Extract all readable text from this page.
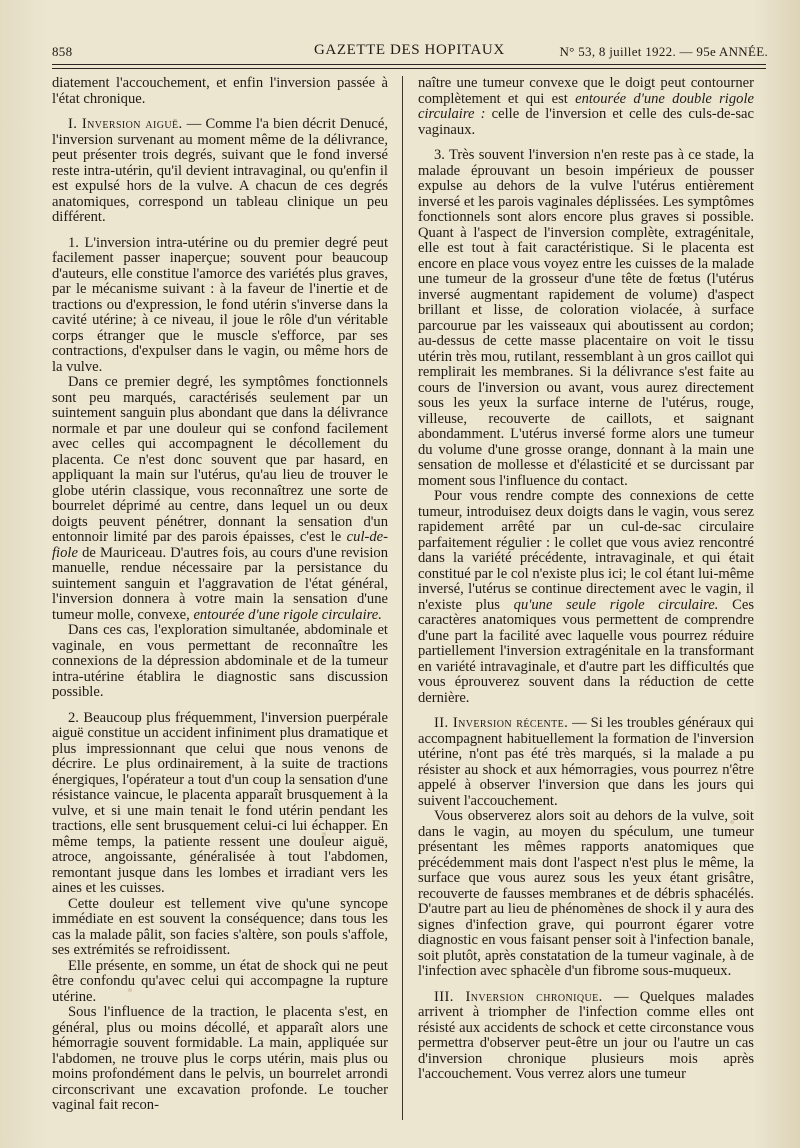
858	GAZETTE DES HOPITAUX	N° 53, 8 juillet 1922. — 95e ANNÉE.

diatement l'accouchement, et enfin l'inversion passée à l'état chronique.

I. Inversion aiguë. — Comme l'a bien décrit Denucé, l'inversion survenant au moment même de la délivrance, peut présenter trois degrés, suivant que le fond inversé reste intra-utérin, qu'il devient intravaginal, ou qu'enfin il est expulsé hors de la vulve. A chacun de ces degrés anatomiques, correspond un tableau clinique un peu différent.

1. L'inversion intra-utérine ou du premier degré peut facilement passer inaperçue; souvent pour beaucoup d'auteurs, elle constitue l'amorce des variétés plus graves, par le mécanisme suivant : à la faveur de l'inertie et de tractions ou d'expression, le fond utérin s'inverse dans la cavité utérine; à ce niveau, il joue le rôle d'un véritable corps étranger que le muscle s'efforce, par ses contractions, d'expulser dans le vagin, ou même hors de la vulve.

Dans ce premier degré, les symptômes fonctionnels sont peu marqués, caractérisés seulement par un suintement sanguin plus abondant que dans la délivrance normale et par une douleur qui se confond facilement avec celles qui accompagnent le décollement du placenta. Ce n'est donc souvent que par hasard, en appliquant la main sur l'utérus, qu'au lieu de trouver le globe utérin classique, vous reconnaîtrez une sorte de bourrelet déprimé au centre, dans lequel un ou deux doigts peuvent pénétrer, donnant la sensation d'un entonnoir limité par des parois épaisses, c'est le cul-de-fiole de Mauriceau. D'autres fois, au cours d'une revision manuelle, rendue nécessaire par la persistance du suintement sanguin et l'aggravation de l'état général, l'inversion donnera à votre main la sensation d'une tumeur molle, convexe, entourée d'une rigole circulaire.

Dans ces cas, l'exploration simultanée, abdominale et vaginale, en vous permettant de reconnaître les connexions de la dépression abdominale et de la tumeur intra-utérine établira le diagnostic sans discussion possible.

2. Beaucoup plus fréquemment, l'inversion puerpérale aiguë constitue un accident infiniment plus dramatique et plus impressionnant que celui que nous venons de décrire. Le plus ordinairement, à la suite de tractions énergiques, l'opérateur a tout d'un coup la sensation d'une résistance vaincue, le placenta apparaît brusquement à la vulve, et si une main tenait le fond utérin pendant les tractions, elle sent brusquement celui-ci lui échapper. En même temps, la patiente ressent une douleur aiguë, atroce, angoissante, généralisée à tout l'abdomen, remontant jusque dans les lombes et irradiant vers les aines et les cuisses.

Cette douleur est tellement vive qu'une syncope immédiate en est souvent la conséquence; dans tous les cas la malade pâlit, son facies s'altère, son pouls s'affole, ses extrémités se refroidissent.

Elle présente, en somme, un état de shock qui ne peut être confondu qu'avec celui qui accompagne la rupture utérine.

Sous l'influence de la traction, le placenta s'est, en général, plus ou moins décollé, et apparaît alors une hémorragie souvent formidable. La main, appliquée sur l'abdomen, ne trouve plus le corps utérin, mais plus ou moins profondément dans le pelvis, un bourrelet arrondi circonscrivant une excavation profonde. Le toucher vaginal fait recon-

naître une tumeur convexe que le doigt peut contourner complètement et qui est entourée d'une double rigole circulaire : celle de l'inversion et celle des culs-de-sac vaginaux.

3. Très souvent l'inversion n'en reste pas à ce stade, la malade éprouvant un besoin impérieux de pousser expulse au dehors de la vulve l'utérus entièrement inversé et les parois vaginales déplissées. Les symptômes fonctionnels sont alors encore plus graves si possible. Quant à l'aspect de l'inversion complète, extragénitale, elle est tout à fait caractéristique. Si le placenta est encore en place vous voyez entre les cuisses de la malade une tumeur de la grosseur d'une tête de fœtus (l'utérus inversé augmentant rapidement de volume) d'aspect brillant et lisse, de coloration violacée, à surface parcourue par les vaisseaux qui aboutissent au cordon; au-dessus de cette masse placentaire on voit le tissu utérin très mou, rutilant, ressemblant à un gros caillot qui remplirait les membranes. Si la délivrance s'est faite au cours de l'inversion ou avant, vous aurez directement sous les yeux la surface interne de l'utérus, rouge, villeuse, recouverte de caillots, et saignant abondamment. L'utérus inversé forme alors une tumeur du volume d'une grosse orange, donnant à la main une sensation de mollesse et d'élasticité et se durcissant par moment sous l'influence du contact.

Pour vous rendre compte des connexions de cette tumeur, introduisez deux doigts dans le vagin, vous serez rapidement arrêté par un cul-de-sac circulaire parfaitement régulier : le collet que vous aviez rencontré dans la variété précédente, intravaginale, et qui était constitué par le col n'existe plus ici; le col étant lui-même inversé, l'utérus se continue directement avec le vagin, il n'existe plus qu'une seule rigole circulaire. Ces caractères anatomiques vous permettent de comprendre d'une part la facilité avec laquelle vous pourrez réduire partiellement l'inversion extragénitale en la transformant en variété intravaginale, et d'autre part les difficultés que vous éprouverez souvent dans la réduction de cette dernière.

II. Inversion récente. — Si les troubles généraux qui accompagnent habituellement la formation de l'inversion utérine, n'ont pas été très marqués, si la malade a pu résister au shock et aux hémorragies, vous pourrez n'être appelé à observer l'inversion que dans les jours qui suivent l'accouchement.

Vous observerez alors soit au dehors de la vulve, soit dans le vagin, au moyen du spéculum, une tumeur présentant les mêmes rapports anatomiques que précédemment mais dont l'aspect n'est plus le même, la surface que vous aurez sous les yeux étant grisâtre, recouverte de fausses membranes et de débris sphacélés. D'autre part au lieu de phénomènes de shock il y aura des signes d'infection grave, qui pourront égarer votre diagnostic en vous faisant penser soit à l'infection banale, soit plutôt, après constatation de la tumeur vaginale, à de l'infection avec sphacèle d'un fibrome sous-muqueux.

III. Inversion chronique. — Quelques malades arrivent à triompher de l'infection comme elles ont résisté aux accidents de schock et cette circonstance vous permettra d'observer peut-être un jour ou l'autre un cas d'inversion chronique plusieurs mois après l'accouchement. Vous verrez alors une tumeur
